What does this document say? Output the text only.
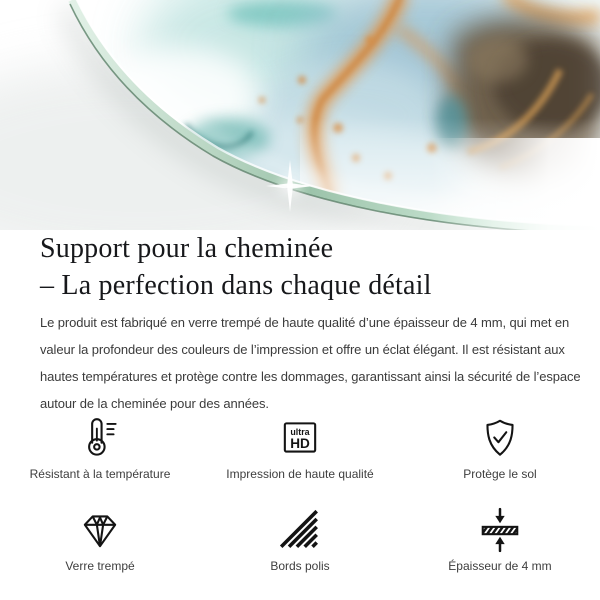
Support pour la cheminée
– La perfection dans chaque détail
Le produit est fabriqué en verre trempé de haute qualité d’une épaisseur de 4 mm, qui met en
valeur la profondeur des couleurs de l’impression et offre un éclat élégant. Il est résistant aux
hautes températures et protège contre les dommages, garantissant ainsi la sécurité de l’espace
autour de la cheminée pour des années.
Résistant à la température
ultra
HD
Impression de haute qualité	Protège le sol
Verre trempé	Bords polis	Épaisseur de 4 mm
